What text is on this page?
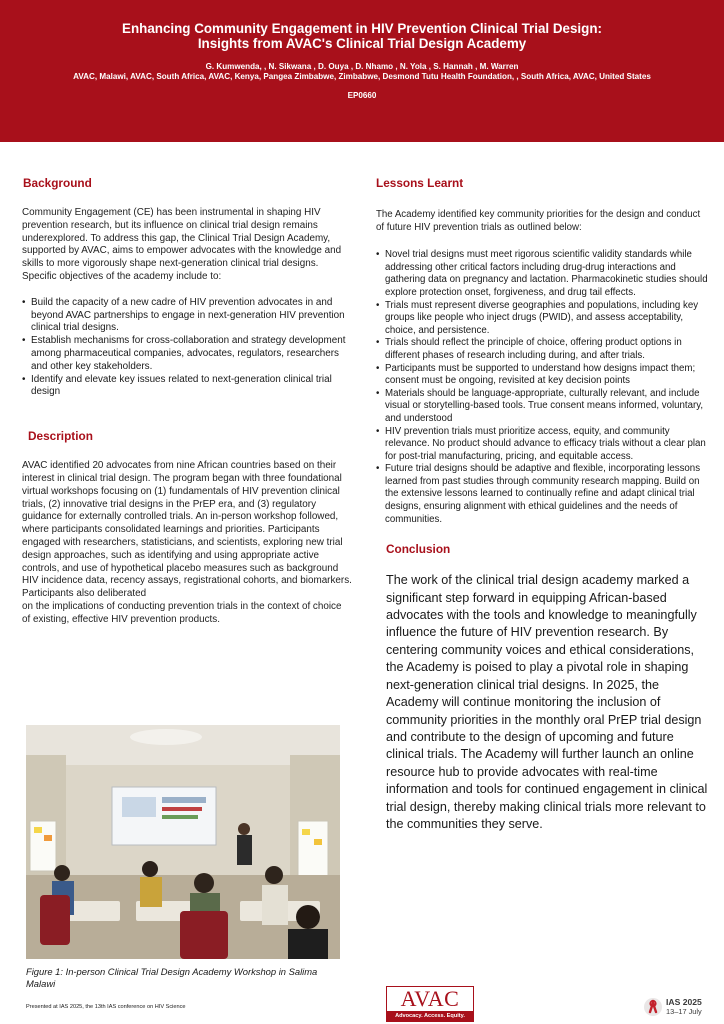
Enhancing Community Engagement in HIV Prevention Clinical Trial Design:
Insights from AVAC's Clinical Trial Design Academy
G. Kumwenda, , N. Sikwana , D. Ouya , D. Nhamo , N. Yola , S. Hannah , M. Warren
AVAC, Malawi, AVAC, South Africa, AVAC, Kenya, Pangea Zimbabwe, Zimbabwe, Desmond Tutu Health Foundation, , South Africa, AVAC, United States
EP0660
Background
Community Engagement (CE) has been instrumental in shaping HIV prevention research, but its influence on clinical trial design remains underexplored. To address this gap, the Clinical Trial Design Academy, supported by AVAC, aims to empower advocates with the knowledge and skills to more vigorously shape next-generation clinical trial designs. Specific objectives of the academy include to:
• Build the capacity of a new cadre of HIV prevention advocates in and beyond AVAC partnerships to engage in next-generation HIV prevention clinical trial designs.
• Establish mechanisms for cross-collaboration and strategy development among pharmaceutical companies, advocates, regulators, researchers and other key stakeholders.
• Identify and elevate key issues related to next-generation clinical trial design
Description
AVAC identified 20 advocates from nine African countries based on their interest in clinical trial design. The program began with three foundational virtual workshops focusing on (1) fundamentals of HIV prevention clinical trials, (2) innovative trial designs in the PrEP era, and (3) regulatory guidance for externally controlled trials. An in-person workshop followed, where participants consolidated learnings and priorities. Participants engaged with researchers, statisticians, and scientists, exploring new trial design approaches, such as identifying and using appropriate active controls, and use of hypothetical placebo measures such as background HIV incidence data, recency assays, registrational cohorts, and biomarkers. Participants also deliberated
on the implications of conducting prevention trials in the context of choice of existing, effective HIV prevention products.
Figure 1: In-person Clinical Trial Design Academy Workshop in Salima Malawi
Presented at IAS 2025, the 13th IAS conference on HIV Science
Lessons Learnt
The Academy identified key community priorities for the design and conduct of future HIV prevention trials as outlined below:
• Novel trial designs must meet rigorous scientific validity standards while addressing other critical factors including drug-drug interactions and gathering data on pregnancy and lactation. Pharmacokinetic studies should explore protection onset, forgiveness, and drug tail effects.
• Trials must represent diverse geographies and populations, including key groups like people who inject drugs (PWID), and assess acceptability, choice, and persistence.
• Trials should reflect the principle of choice, offering product options in different phases of research including during, and after trials.
• Participants must be supported to understand how designs impact them; consent must be ongoing, revisited at key decision points
• Materials should be language-appropriate, culturally relevant, and include visual or storytelling-based tools. True consent means informed, voluntary, and understood
• HIV prevention trials must prioritize access, equity, and community relevance. No product should advance to efficacy trials without a clear plan for post-trial manufacturing, pricing, and equitable access.
• Future trial designs should be adaptive and flexible, incorporating lessons learned from past studies through community research mapping. Build on the extensive lessons learned to continually refine and adapt clinical trial designs, ensuring alignment with ethical guidelines and the needs of communities.
Conclusion
The work of the clinical trial design academy marked a significant step forward in equipping African-based advocates with the tools and knowledge to meaningfully influence the future of HIV prevention research. By centering community voices and ethical considerations, the Academy is poised to play a pivotal role in shaping next-generation clinical trial designs. In 2025, the Academy will continue monitoring the inclusion of community priorities in the monthly oral PrEP trial design and contribute to the design of upcoming and future clinical trials. The Academy will further launch an online resource hub to provide advocates with real-time information and tools for continued engagement in clinical trial design, thereby making clinical trials more relevant to the communities they serve.
AVAC
Advocacy. Access. Equity.
IAS 2025
13–17 July
